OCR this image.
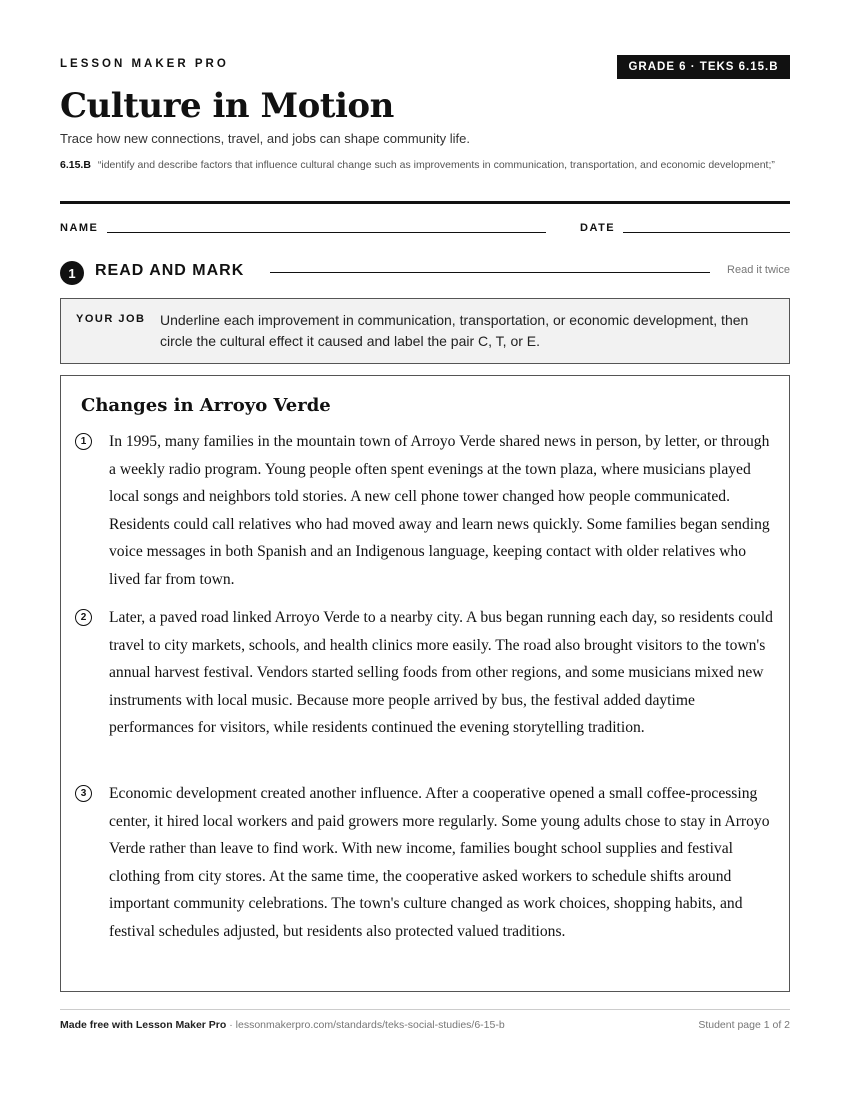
LESSON MAKER PRO	GRADE 6 · TEKS 6.15.B
Culture in Motion
Trace how new connections, travel, and jobs can shape community life.
6.15.B “identify and describe factors that influence cultural change such as improvements in communication, transportation, and economic development;”
NAME	DATE
1	READ AND MARK	Read it twice
YOUR JOB Underline each improvement in communication, transportation, or economic development, then circle the cultural effect it caused and label the pair C, T, or E.
Changes in Arroyo Verde
1	In 1995, many families in the mountain town of Arroyo Verde shared news in person, by letter, or through a weekly radio program. Young people often spent evenings at the town plaza, where musicians played local songs and neighbors told stories. A new cell phone tower changed how people communicated. Residents could call relatives who had moved away and learn news quickly. Some families began sending voice messages in both Spanish and an Indigenous language, keeping contact with older relatives who lived far from town.
2	Later, a paved road linked Arroyo Verde to a nearby city. A bus began running each day, so residents could travel to city markets, schools, and health clinics more easily. The road also brought visitors to the town's annual harvest festival. Vendors started selling foods from other regions, and some musicians mixed new instruments with local music. Because more people arrived by bus, the festival added daytime performances for visitors, while residents continued the evening storytelling tradition.
3	Economic development created another influence. After a cooperative opened a small coffee-processing center, it hired local workers and paid growers more regularly. Some young adults chose to stay in Arroyo Verde rather than leave to find work. With new income, families bought school supplies and festival clothing from city stores. At the same time, the cooperative asked workers to schedule shifts around important community celebrations. The town's culture changed as work choices, shopping habits, and festival schedules adjusted, but residents also protected valued traditions.
Made free with Lesson Maker Pro · lessonmakerpro.com/standards/teks-social-studies/6-15-b	Student page 1 of 2
